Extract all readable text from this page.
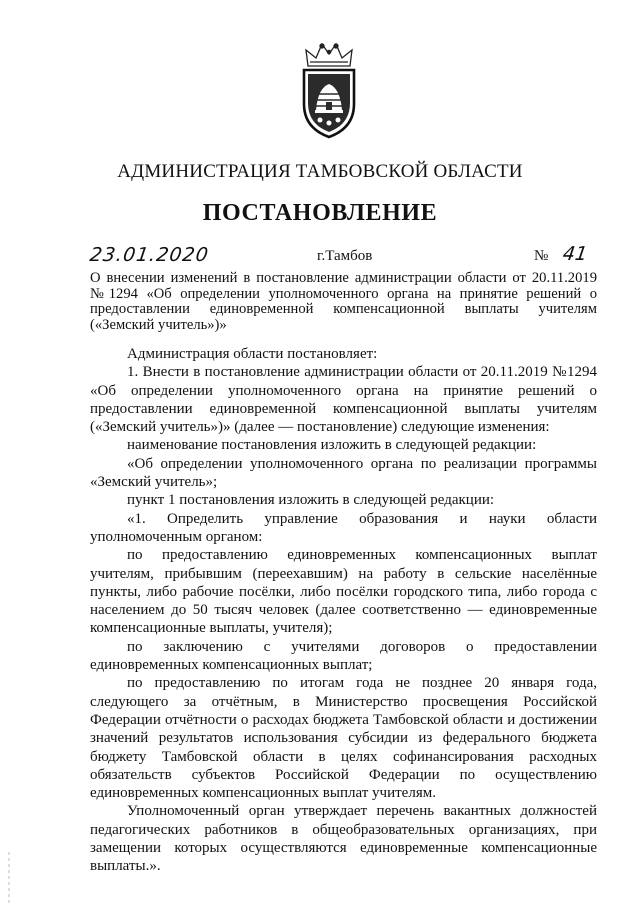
АДМИНИСТРАЦИЯ ТАМБОВСКОЙ ОБЛАСТИ
ПОСТАНОВЛЕНИЕ
23.01.2020	г.Тамбов	№ 41
О внесении изменений в постановление администрации области от 20.11.2019 №1294 «Об определении уполномоченного органа на принятие решений о предоставлении единовременной компенсационной выплаты учителям («Земский учитель»)»

Администрация области постановляет:

1. Внести в постановление администрации области от 20.11.2019 №1294 «Об определении уполномоченного органа на принятие решений о предоставлении единовременной компенсационной выплаты учителям («Земский учитель»)» (далее — постановление) следующие изменения:

наименование постановления изложить в следующей редакции:

«Об определении уполномоченного органа по реализации программы «Земский учитель»;

пункт 1 постановления изложить в следующей редакции:

«1. Определить управление образования и науки области уполномоченным органом:

по предоставлению единовременных компенсационных выплат учителям, прибывшим (переехавшим) на работу в сельские населённые пункты, либо рабочие посёлки, либо посёлки городского типа, либо города с населением до 50 тысяч человек (далее соответственно — единовременные компенсационные выплаты, учителя);

по заключению с учителями договоров о предоставлении единовременных компенсационных выплат;

по предоставлению по итогам года не позднее 20 января года, следующего за отчётным, в Министерство просвещения Российской Федерации отчётности о расходах бюджета Тамбовской области и достижении значений результатов использования субсидии из федерального бюджета бюджету Тамбовской области в целях софинансирования расходных обязательств субъектов Российской Федерации по осуществлению единовременных компенсационных выплат учителям.

Уполномоченный орган утверждает перечень вакантных должностей педагогических работников в общеобразовательных организациях, при замещении которых осуществляются единовременные компенсационные выплаты.».
